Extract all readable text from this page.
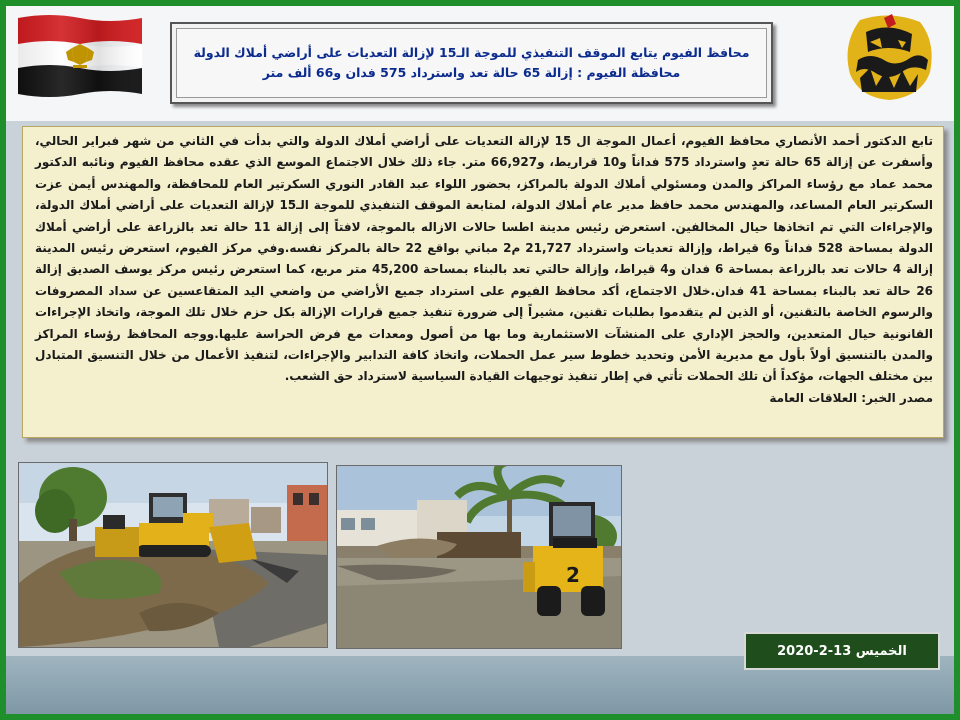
محافظ الفيوم يتابع الموقف التنفيذي للموجة الـ15 لإزالة التعديات على أراضي أملاك الدولة
محافظة الفيوم : إزالة 65 حالة تعد واسترداد 575 فدان و66 ألف متر

تابع الدكتور أحمد الأنصاري محافظ الفيوم، أعمال الموجة ال 15 لإزالة التعديات على أراضي أملاك الدولة والتي بدأت في الثاني من شهر فبراير الحالي، وأسفرت عن إزالة 65 حالة تعدٍ واسترداد 575 فداناً و10 قراريط، و66,927 متر. جاء ذلك خلال الاجتماع الموسع الذي عقده محافظ الفيوم ونائبه الدكتور محمد عماد مع رؤساء المراكز والمدن ومسئولي أملاك الدولة بالمراكز، بحضور اللواء عبد القادر النوري السكرتير العام للمحافظة، والمهندس أيمن عزت السكرتير العام المساعد، والمهندس محمد حافظ مدير عام أملاك الدولة، لمتابعة الموقف التنفيذي للموجة الـ15 لإزالة التعديات على أراضي أملاك الدولة، والإجراءات التي تم اتخاذها حيال المخالفين. استعرض رئيس مدينة اطسا حالات الازاله بالموجة، لافتاً إلى إزالة 11 حالة تعد بالزراعة على أراضي أملاك الدولة بمساحة 528 فداناً و6 قيراط، وإزالة تعديات واسترداد 21,727 م2 مباني بواقع 22 حالة بالمركز نفسه.وفي مركز الفيوم، استعرض رئيس المدينة إزالة 4 حالات تعد بالزراعة بمساحة 6 فدان و4 قيراط، وإزالة حالتي تعد بالبناء بمساحة 45,200 متر مربع، كما استعرض رئيس مركز يوسف الصديق إزالة 26 حالة تعد بالبناء بمساحة 41 فدان.خلال الاجتماع، أكد محافظ الفيوم على استرداد جميع الأراضي من واضعي اليد المتقاعسين عن سداد المصروفات والرسوم الخاصة بالتقنين، أو الذين لم يتقدموا بطلبات تقنين، مشيراً إلى ضرورة تنفيذ جميع قرارات الإزالة بكل حزم خلال تلك الموجة، واتخاذ الإجراءات القانونية حيال المتعدين، والحجز الإداري على المنشآت الاستثمارية وما بها من أصول ومعدات مع فرض الحراسة عليها.ووجه المحافظ رؤساء المراكز والمدن بالتنسيق أولاً بأول مع مديرية الأمن وتحديد خطوط سير عمل الحملات، واتخاذ كافة التدابير والإجراءات، لتنفيذ الأعمال من خلال التنسيق المتبادل بين مختلف الجهات، مؤكداً أن تلك الحملات تأتي في إطار تنفيذ توجيهات القيادة السياسية لاسترداد حق الشعب.

مصدر الخبر: العلاقات العامة

2
الخميس 13-2-2020
